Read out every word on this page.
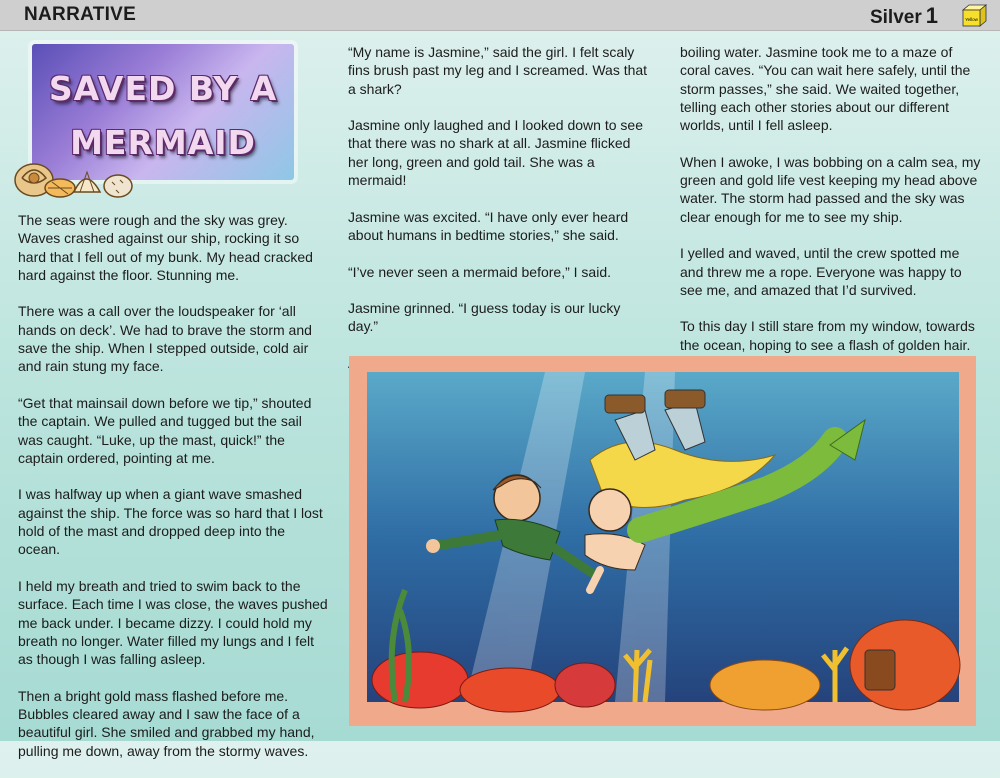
NARRATIVE	Silver 1	Yellow
SAVED BY A
MERMAID

The seas were rough and the sky was grey. Waves crashed against our ship, rocking it so hard that I fell out of my bunk. My head cracked hard against the floor. Stunning me.

There was a call over the loudspeaker for ‘all hands on deck’. We had to brave the storm and save the ship. When I stepped outside, cold air and rain stung my face.

“Get that mainsail down before we tip,” shouted the captain. We pulled and tugged but the sail was caught. “Luke, up the mast, quick!” the captain ordered, pointing at me.

I was halfway up when a giant wave smashed against the ship. The force was so hard that I lost hold of the mast and dropped deep into the ocean.

I held my breath and tried to swim back to the surface. Each time I was close, the waves pushed me back under. I became dizzy. I could hold my breath no longer. Water filled my lungs and I felt as though I was falling asleep.

Then a bright gold mass flashed before me. Bubbles cleared away and I saw the face of a beautiful girl. She smiled and grabbed my hand, pulling me down, away from the stormy waves.

“My name is Jasmine,” said the girl. I felt scaly fins brush past my leg and I screamed. Was that a shark?

Jasmine only laughed and I looked down to see that there was no shark at all. Jasmine flicked her long, green and gold tail. She was a mermaid!

Jasmine was excited. “I have only ever heard about humans in bedtime stories,” she said.

“I’ve never seen a mermaid before,” I said.

Jasmine grinned. “I guess today is our lucky day.”

boiling water. Jasmine took me to a maze of coral caves. “You can wait here safely, until the storm passes,” she said. We waited together, telling each other stories about our different worlds, until I fell asleep.

When I awoke, I was bobbing on a calm sea, my green and gold life vest keeping my head above water. The storm had passed and the sky was clear enough for me to see my ship.

I yelled and waved, until the crew spotted me and threw me a rope. Everyone was happy to see me, and amazed that I’d survived.

To this day I still stare from my window, towards the ocean, hoping to see a flash of golden hair.
